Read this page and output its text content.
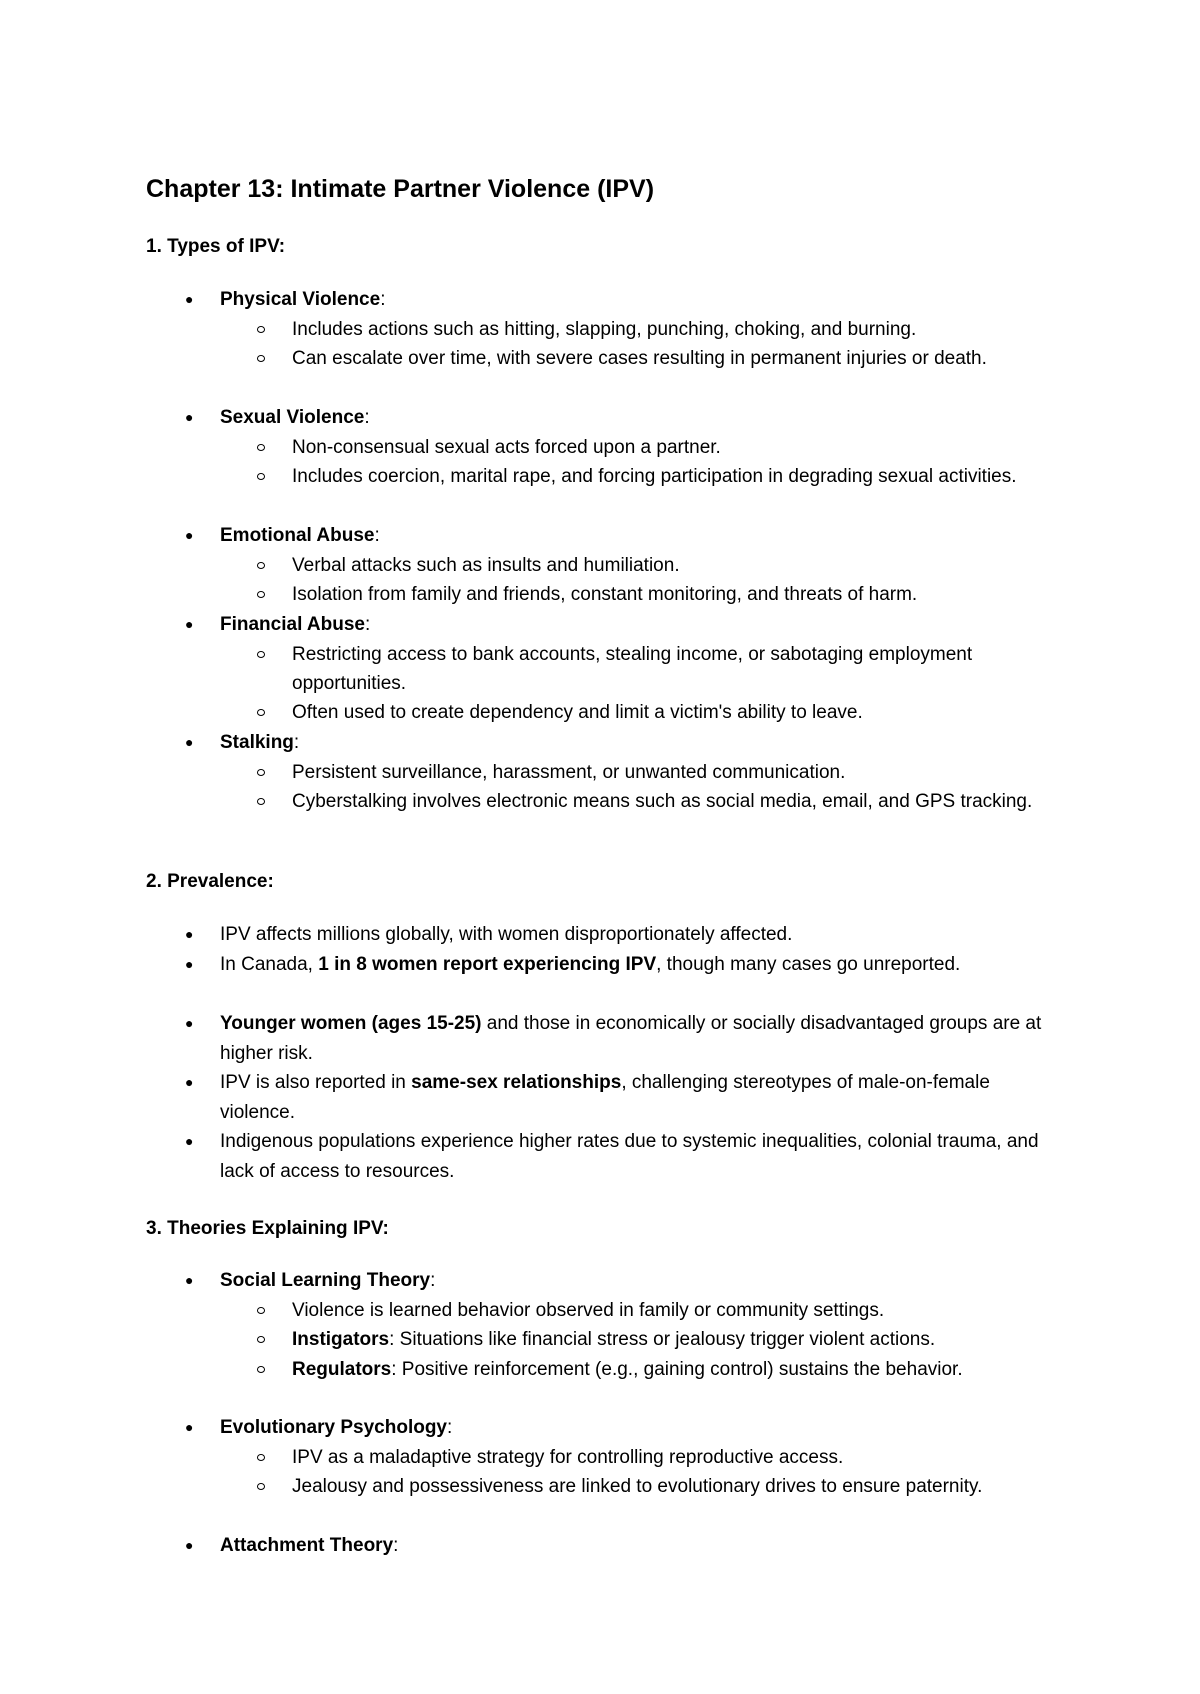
Chapter 13: Intimate Partner Violence (IPV)
1. Types of IPV:
● Physical Violence:
Includes actions such as hitting, slapping, punching, choking, and burning.
Can escalate over time, with severe cases resulting in permanent injuries or death.
● Sexual Violence:
Non-consensual sexual acts forced upon a partner.
Includes coercion, marital rape, and forcing participation in degrading sexual activities.
● Emotional Abuse:
Verbal attacks such as insults and humiliation.
Isolation from family and friends, constant monitoring, and threats of harm.
● Financial Abuse:
Restricting access to bank accounts, stealing income, or sabotaging employment opportunities.
Often used to create dependency and limit a victim's ability to leave.
● Stalking:
Persistent surveillance, harassment, or unwanted communication.
Cyberstalking involves electronic means such as social media, email, and GPS tracking.
2. Prevalence:
● IPV affects millions globally, with women disproportionately affected.
● In Canada, 1 in 8 women report experiencing IPV, though many cases go unreported.
● Younger women (ages 15-25) and those in economically or socially disadvantaged groups are at higher risk.
● IPV is also reported in same-sex relationships, challenging stereotypes of male-on-female violence.
● Indigenous populations experience higher rates due to systemic inequalities, colonial trauma, and lack of access to resources.
3. Theories Explaining IPV:
● Social Learning Theory:
Violence is learned behavior observed in family or community settings.
Instigators: Situations like financial stress or jealousy trigger violent actions.
Regulators: Positive reinforcement (e.g., gaining control) sustains the behavior.
● Evolutionary Psychology:
IPV as a maladaptive strategy for controlling reproductive access.
Jealousy and possessiveness are linked to evolutionary drives to ensure paternity.
● Attachment Theory:
